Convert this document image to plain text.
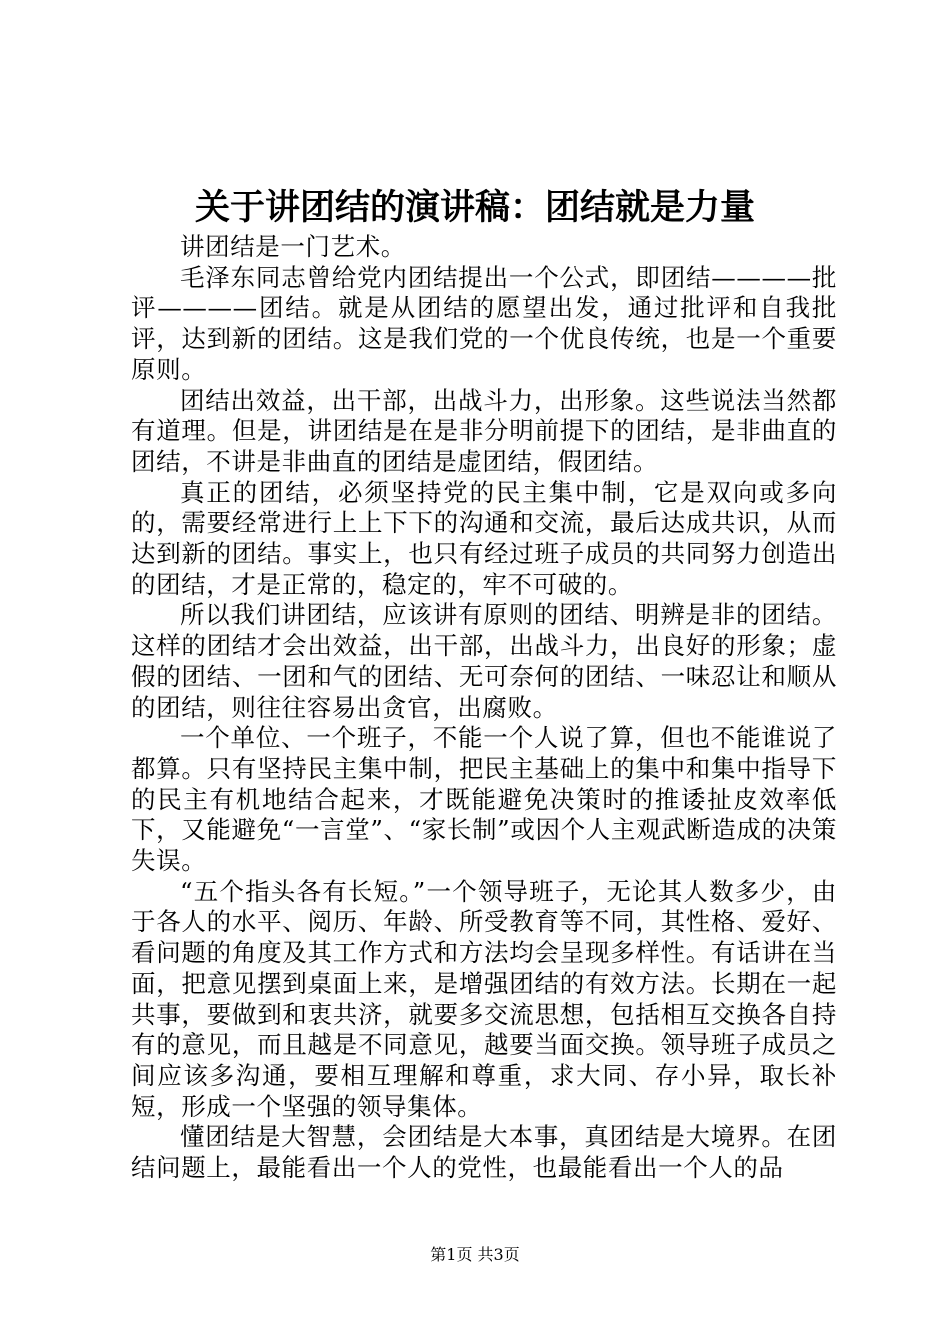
关于讲团结的演讲稿：团结就是力量

讲团结是一门艺术。

毛泽东同志曾给党内团结提出一个公式，即团结————批评————团结。就是从团结的愿望出发，通过批评和自我批评，达到新的团结。这是我们党的一个优良传统，也是一个重要原则。

团结出效益，出干部，出战斗力，出形象。这些说法当然都有道理。但是，讲团结是在是非分明前提下的团结，是非曲直的团结，不讲是非曲直的团结是虚团结，假团结。

真正的团结，必须坚持党的民主集中制，它是双向或多向的，需要经常进行上上下下的沟通和交流，最后达成共识，从而达到新的团结。事实上，也只有经过班子成员的共同努力创造出的团结，才是正常的，稳定的，牢不可破的。

所以我们讲团结，应该讲有原则的团结、明辨是非的团结。这样的团结才会出效益，出干部，出战斗力，出良好的形象；虚假的团结、一团和气的团结、无可奈何的团结、一味忍让和顺从的团结，则往往容易出贪官，出腐败。

一个单位、一个班子，不能一个人说了算，但也不能谁说了都算。只有坚持民主集中制，把民主基础上的集中和集中指导下的民主有机地结合起来，才既能避免决策时的推诿扯皮效率低下，又能避免“一言堂”、“家长制”或因个人主观武断造成的决策失误。

“五个指头各有长短。”一个领导班子，无论其人数多少，由于各人的水平、阅历、年龄、所受教育等不同，其性格、爱好、看问题的角度及其工作方式和方法均会呈现多样性。有话讲在当面，把意见摆到桌面上来，是增强团结的有效方法。长期在一起共事，要做到和衷共济，就要多交流思想，包括相互交换各自持有的意见，而且越是不同意见，越要当面交换。领导班子成员之间应该多沟通，要相互理解和尊重，求大同、存小异，取长补短，形成一个坚强的领导集体。

懂团结是大智慧，会团结是大本事，真团结是大境界。在团结问题上，最能看出一个人的党性，也最能看出一个人的品

第1页 共3页
